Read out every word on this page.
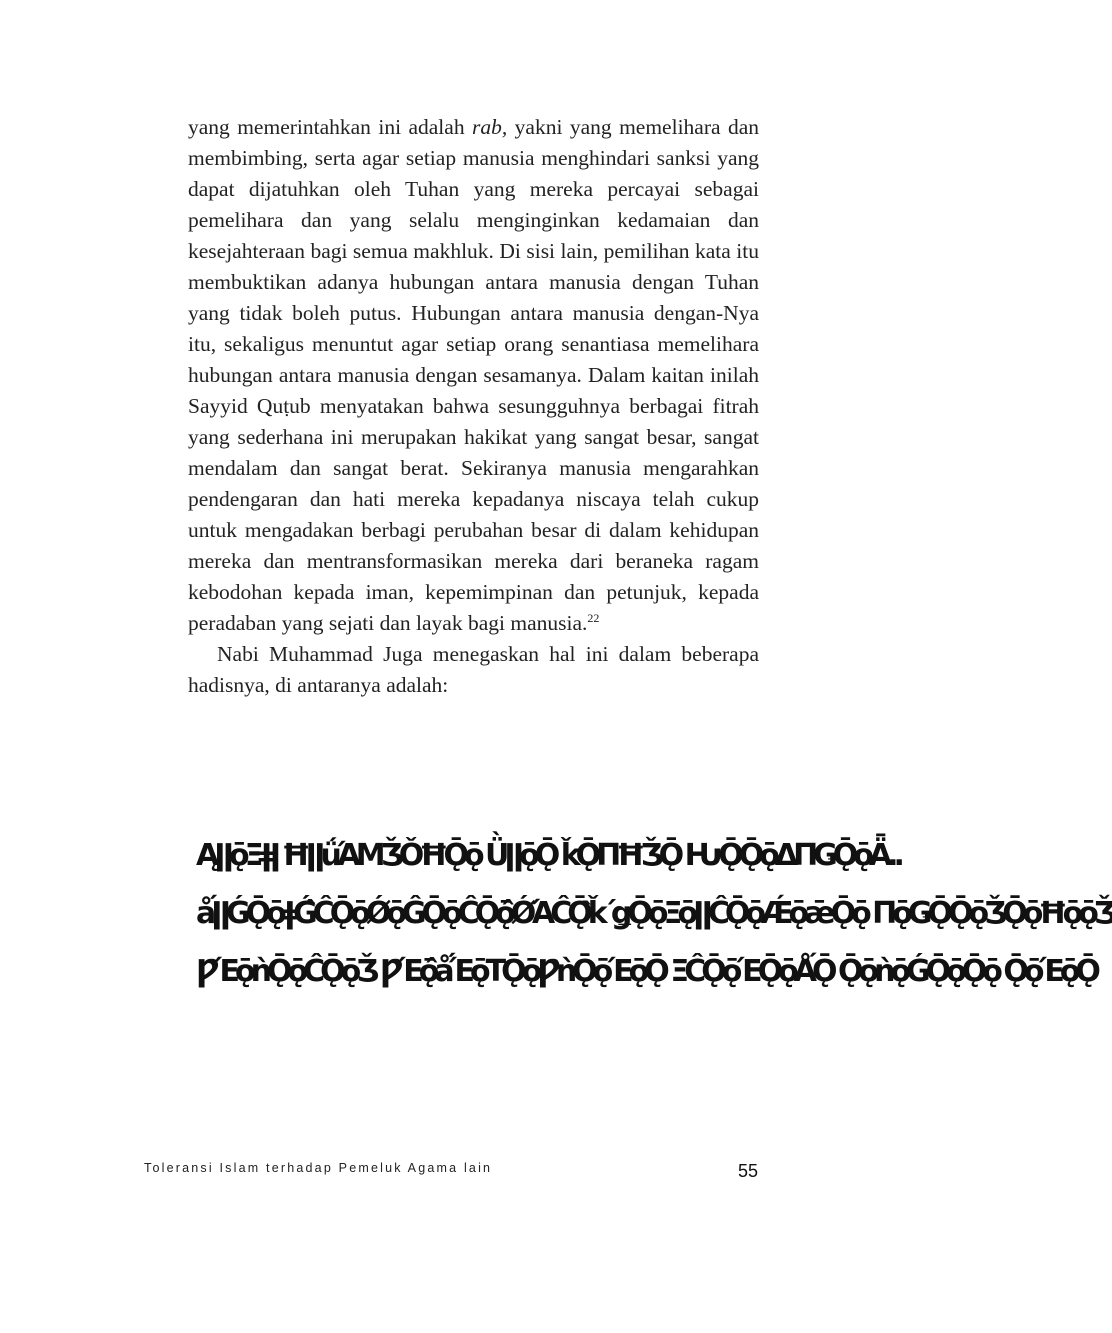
yang memerintahkan ini adalah rab, yakni yang memelihara dan membimbing, serta agar setiap manusia menghindari sanksi yang dapat dijatuhkan oleh Tuhan yang mereka percayai sebagai pemelihara dan yang selalu menginginkan kedamaian dan kesejahteraan bagi semua makhluk. Di sisi lain, pemilihan kata itu membuktikan adanya hubungan antara manusia dengan Tuhan yang tidak boleh putus. Hubungan antara manusia dengan-Nya itu, sekaligus menuntut agar setiap orang senantiasa memelihara hubungan antara manusia dengan sesamanya. Dalam kaitan inilah Sayyid Quṭub menyatakan bahwa sesungguhnya berbagai fitrah yang sederhana ini merupakan hakikat yang sangat besar, sangat mendalam dan sangat berat. Sekiranya manusia mengarahkan pendengaran dan hati mereka kepadanya niscaya telah cukup untuk mengadakan berbagi perubahan besar di dalam kehidupan mereka dan mentransformasikan mereka dari beraneka ragam kebodohan kepada iman, kepemimpinan dan petunjuk, kepada peradaban yang sejati dan layak bagi manusia.$^{22}$

Nabi Muhammad Juga menegaskan hal ini dalam beberapa hadisnya, di antaranya adalah:

ĄǁǭΞǂǀ ĦǁǘΆΜǮǑĦǬǭ ǛǁǭǬ ǩǬΠĦǮǬ ǶǬǬǭΔΠǤǬǭǞ..
ǻǁǴǬǭǂǴ̂ĈǬǭǾǭĜǬǭĈǬǭ̂ǾΆĈǬ̂ǩ΄ǥǬǭΞǭǁĈǬǭǼǭǣǬǭ ΠǭǤǬǬǭǮǬǭĦǭǭǮ
ǷΈǭǹǬǭĈǬǭǮ ǷΈǭ̂ǻΈǭΤǬǭǷǹǬǭΈǭǬ ΞĈǬǭΈǬǭǺǬ ǬǭǹǭǴǬǭǬǭ ǬǭΈǭǬ
Toleransi Islam terhadap Pemeluk Agama lain	55
